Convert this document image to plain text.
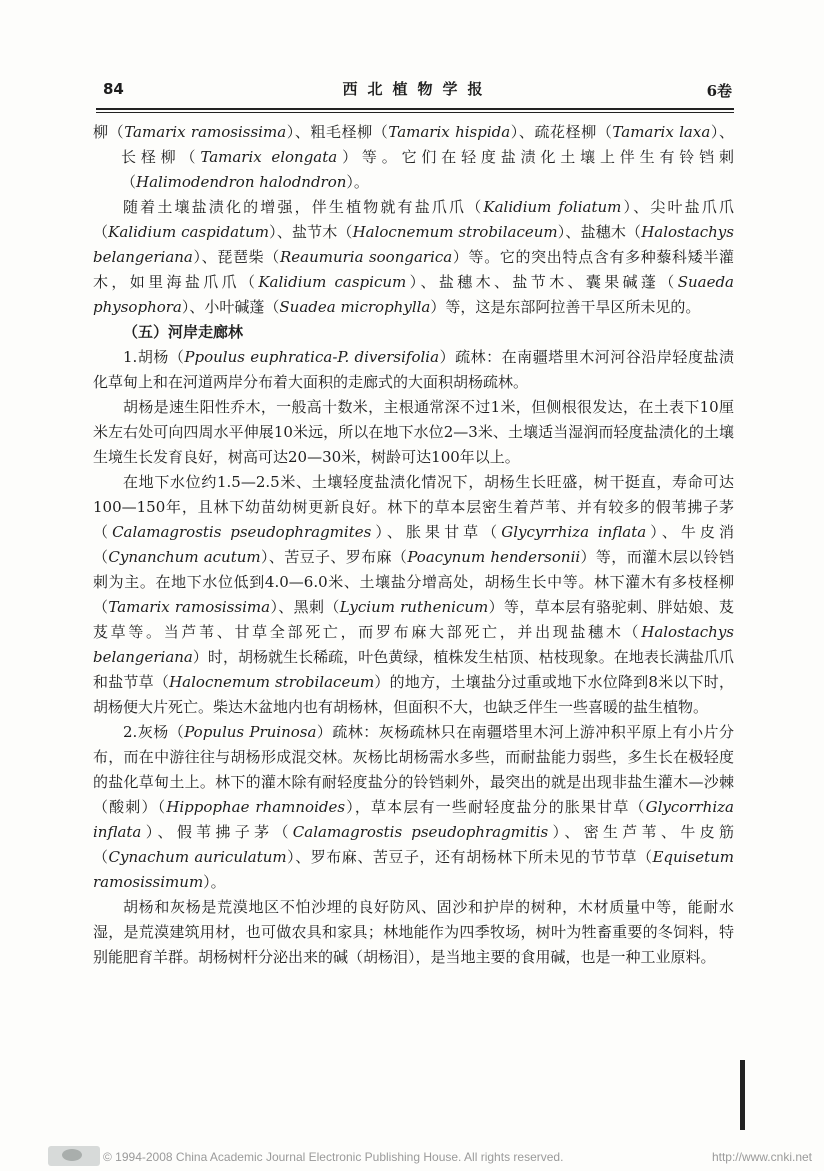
84	西北植物学报	6卷

柳（Tamarix ramosissima）、粗毛柽柳（Tamarix hispida）、疏花柽柳（Tamarix laxa）、长柽柳（Tamarix elongata）等。它们在轻度盐渍化土壤上伴生有铃铛刺（Halimodendron halodndron）。

随着土壤盐渍化的增强，伴生植物就有盐爪爪（Kalidium foliatum）、尖叶盐爪爪（Kalidium caspidatum）、盐节木（Halocnemum strobilaceum）、盐穗木（Halostachys belangeriana）、琵琶柴（Reaumuria soongarica）等。它的突出特点含有多种藜科矮半灌木，如里海盐爪爪（Kalidium caspicum）、盐穗木、盐节木、囊果碱蓬（Suaeda physophora）、小叶碱蓬（Suadea microphylla）等，这是东部阿拉善干旱区所未见的。

（五）河岸走廊林

1.胡杨（Ppoulus euphratica-P. diversifolia）疏林：在南疆塔里木河河谷沿岸轻度盐渍化草甸上和在河道两岸分布着大面积的走廊式的大面积胡杨疏林。

胡杨是速生阳性乔木，一般高十数米，主根通常深不过1米，但侧根很发达，在土表下10厘米左右处可向四周水平伸展10米远，所以在地下水位2—3米、土壤适当湿润而轻度盐渍化的土壤生境生长发育良好，树高可达20—30米，树龄可达100年以上。

在地下水位约1.5—2.5米、土壤轻度盐渍化情况下，胡杨生长旺盛，树干挺直，寿命可达100—150年，且林下幼苗幼树更新良好。林下的草本层密生着芦苇、并有较多的假苇拂子茅（Calamagrostis pseudophragmites）、胀果甘草（Glycyrrhiza inflata）、牛皮消（Cynanchum acutum）、苦豆子、罗布麻（Poacynum hendersonii）等，而灌木层以铃铛刺为主。在地下水位低到4.0—6.0米、土壤盐分增高处，胡杨生长中等。林下灌木有多枝柽柳（Tamarix ramosissima）、黑刺（Lycium ruthenicum）等，草本层有骆驼刺、胖姑娘、芨芨草等。当芦苇、甘草全部死亡，而罗布麻大部死亡，并出现盐穗木（Halostachys belangeriana）时，胡杨就生长稀疏，叶色黄绿，植株发生枯顶、枯枝现象。在地表长满盐爪爪和盐节草（Halocnemum strobilaceum）的地方，土壤盐分过重或地下水位降到8米以下时，胡杨便大片死亡。柴达木盆地内也有胡杨林，但面积不大，也缺乏伴生一些喜暖的盐生植物。

2.灰杨（Populus Pruinosa）疏林：灰杨疏林只在南疆塔里木河上游冲积平原上有小片分布，而在中游往往与胡杨形成混交林。灰杨比胡杨需水多些，而耐盐能力弱些，多生长在极轻度的盐化草甸土上。林下的灌木除有耐轻度盐分的铃铛刺外，最突出的就是出现非盐生灌木—沙棘（酸刺）（Hippophae rhamnoides），草本层有一些耐轻度盐分的胀果甘草（Glycorrhiza inflata）、假苇拂子茅（Calamagrostis pseudophragmitis）、密生芦苇、牛皮筋（Cynachum auriculatum）、罗布麻、苦豆子，还有胡杨林下所未见的节节草（Equisetum ramosissimum）。

胡杨和灰杨是荒漠地区不怕沙埋的良好防风、固沙和护岸的树种，木材质量中等，能耐水湿，是荒漠建筑用材，也可做农具和家具；林地能作为四季牧场，树叶为牲畜重要的冬饲料，特别能肥育羊群。胡杨树杆分泌出来的碱（胡杨泪），是当地主要的食用碱，也是一种工业原料。

© 1994-2008 China Academic Journal Electronic Publishing House. All rights reserved.	http://www.cnki.net
